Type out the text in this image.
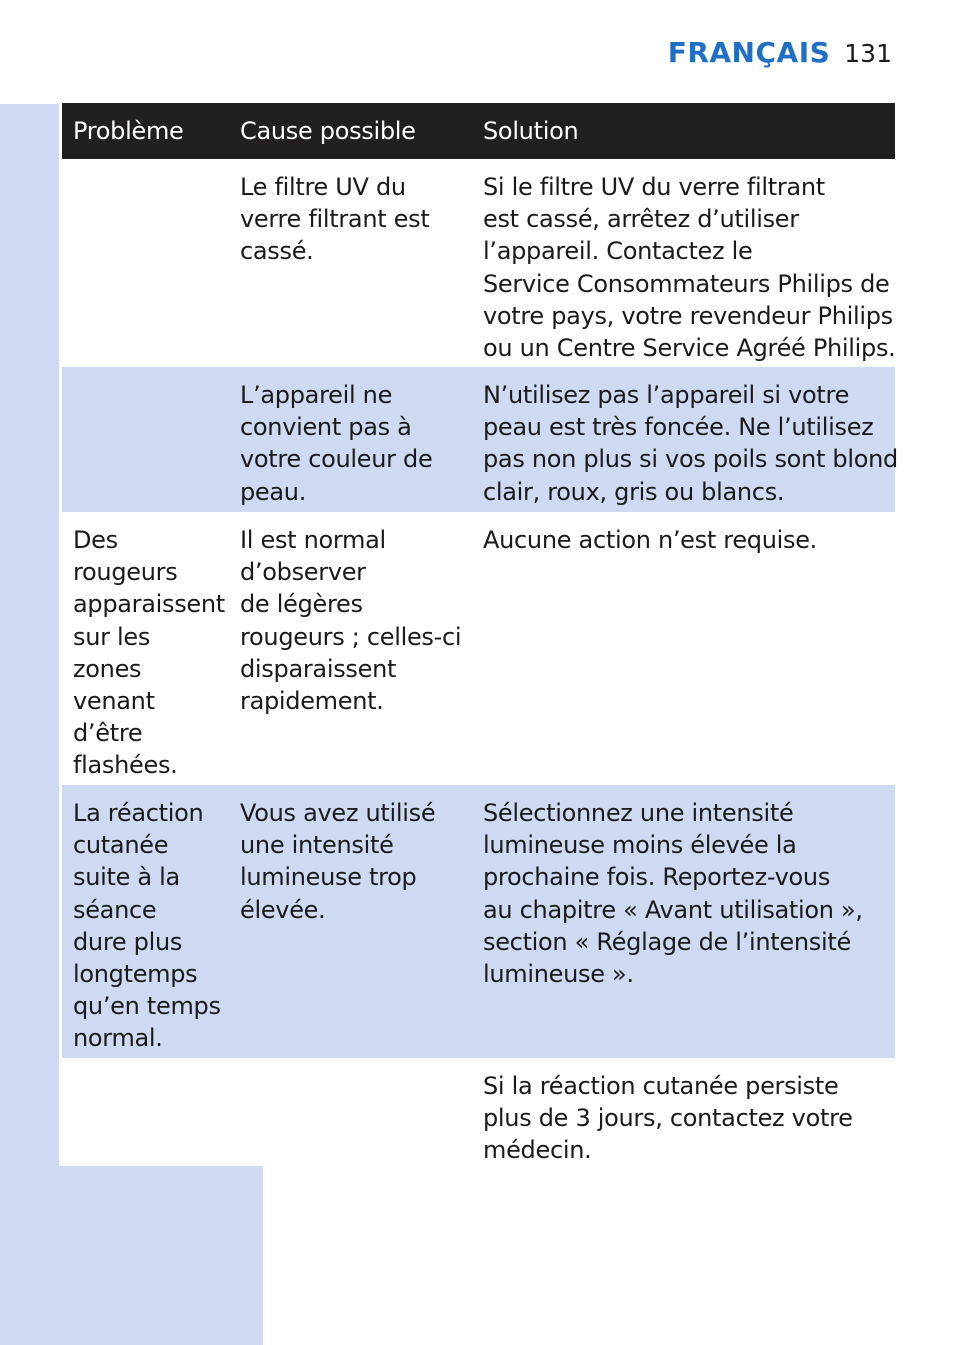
FRANÇAIS 131
Problème	Cause possible	Solution
Le filtre UV du
verre filtrant est
cassé.
Si le filtre UV du verre filtrant
est cassé, arrêtez d’utiliser
l’appareil. Contactez le
Service Consommateurs Philips de
votre pays, votre revendeur Philips
ou un Centre Service Agréé Philips.
L’appareil ne
convient pas à
votre couleur de
peau.
N’utilisez pas l’appareil si votre
peau est très foncée. Ne l’utilisez
pas non plus si vos poils sont blond
clair, roux, gris ou blancs.
Des
rougeurs
apparaissent
sur les
zones
venant
d’être
flashées.
Il est normal
d’observer
de légères
rougeurs ; celles-ci
disparaissent
rapidement.
Aucune action n’est requise.
La réaction
cutanée
suite à la
séance
dure plus
longtemps
qu’en temps
normal.
Vous avez utilisé
une intensité
lumineuse trop
élevée.
Sélectionnez une intensité
lumineuse moins élevée la
prochaine fois. Reportez-vous
au chapitre « Avant utilisation »,
section « Réglage de l’intensité
lumineuse ».
Si la réaction cutanée persiste
plus de 3 jours, contactez votre
médecin.
